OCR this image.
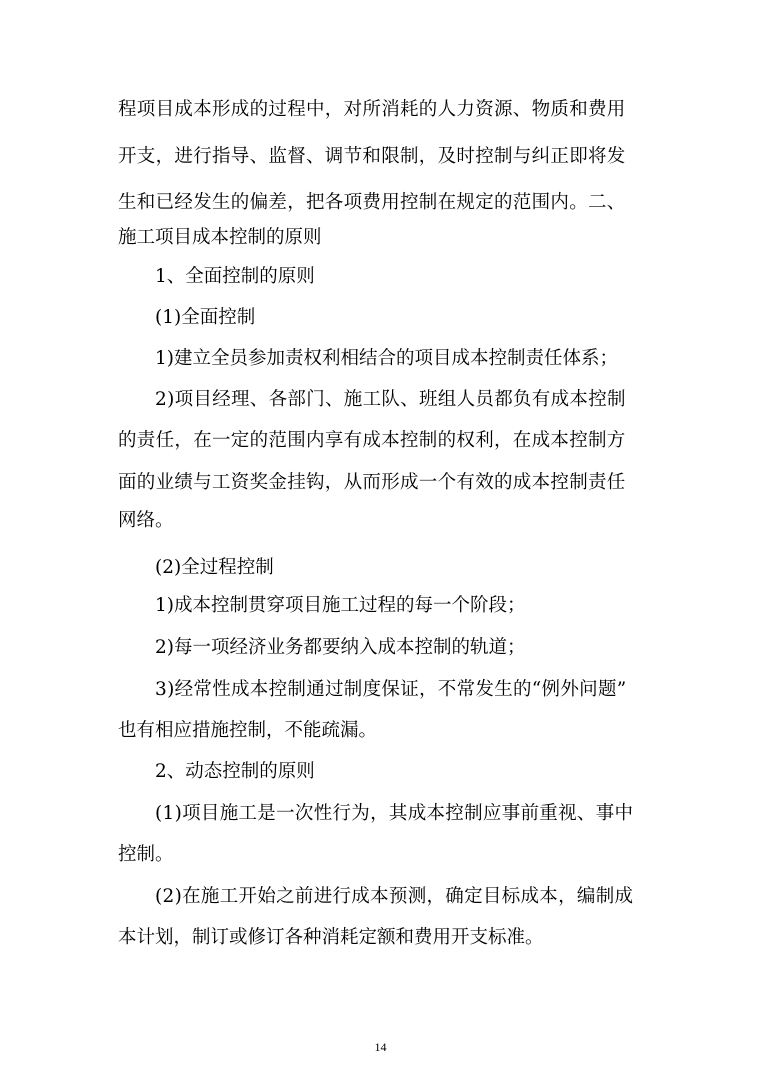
程项目成本形成的过程中，对所消耗的人力资源、物质和费用
开支，进行指导、监督、调节和限制，及时控制与纠正即将发
生和已经发生的偏差，把各项费用控制在规定的范围内。二、
施工项目成本控制的原则
1、全面控制的原则
(1)全面控制
1)建立全员参加责权利相结合的项目成本控制责任体系；
2)项目经理、各部门、施工队、班组人员都负有成本控制
的责任，在一定的范围内享有成本控制的权利，在成本控制方
面的业绩与工资奖金挂钩，从而形成一个有效的成本控制责任
网络。
(2)全过程控制
1)成本控制贯穿项目施工过程的每一个阶段；
2)每一项经济业务都要纳入成本控制的轨道；
3)经常性成本控制通过制度保证，不常发生的“例外问题”
也有相应措施控制，不能疏漏。
2、动态控制的原则
(1)项目施工是一次性行为，其成本控制应事前重视、事中
控制。
(2)在施工开始之前进行成本预测，确定目标成本，编制成
本计划，制订或修订各种消耗定额和费用开支标准。
14
